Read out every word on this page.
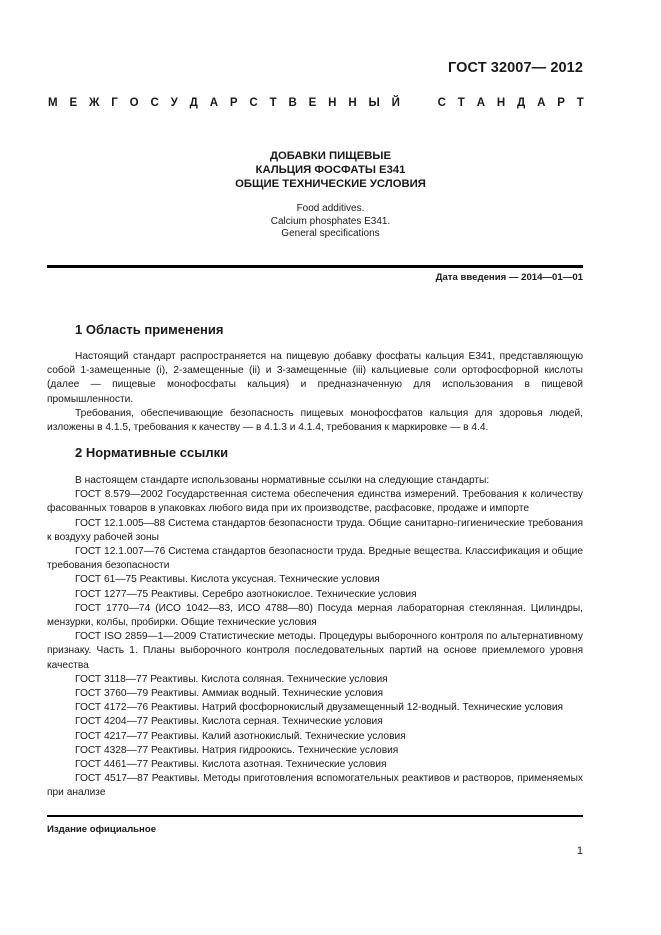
ГОСТ 32007— 2012
М Е Ж Г О С У Д А Р С Т В Е Н Н Ы Й	С Т А Н Д А Р Т
ДОБАВКИ ПИЩЕВЫЕ
КАЛЬЦИЯ ФОСФАТЫ Е341
ОБЩИЕ ТЕХНИЧЕСКИЕ УСЛОВИЯ
Food additives.
Calcium phosphates E341.
General specifications
Дата введения — 2014—01—01
1 Область применения

Настоящий стандарт распространяется на пищевую добавку фосфаты кальция Е341, представляющую собой 1-замещенные (i), 2-замещенные (ii) и 3-замещенные (iii) кальциевые соли ортофосфорной кислоты (далее — пищевые монофосфаты кальция) и предназначенную для использования в пищевой промышленности.

Требования, обеспечивающие безопасность пищевых монофосфатов кальция для здоровья людей, изложены в 4.1.5, требования к качеству — в 4.1.3 и 4.1.4, требования к маркировке — в 4.4.

2 Нормативные ссылки

В настоящем стандарте использованы нормативные ссылки на следующие стандарты:

ГОСТ 8.579—2002 Государственная система обеспечения единства измерений. Требования к количеству фасованных товаров в упаковках любого вида при их производстве, расфасовке, продаже и импорте

ГОСТ 12.1.005—88 Система стандартов безопасности труда. Общие санитарно-гигиенические требования к воздуху рабочей зоны

ГОСТ 12.1.007—76 Система стандартов безопасности труда. Вредные вещества. Классификация и общие требования безопасности

ГОСТ 61—75 Реактивы. Кислота уксусная. Технические условия

ГОСТ 1277—75 Реактивы. Серебро азотнокислое. Технические условия

ГОСТ 1770—74 (ИСО 1042—83, ИСО 4788—80) Посуда мерная лабораторная стеклянная. Цилиндры, мензурки, колбы, пробирки. Общие технические условия

ГОСТ ISO 2859—1—2009 Статистические методы. Процедуры выборочного контроля по альтернативному признаку. Часть 1. Планы выборочного контроля последовательных партий на основе приемлемого уровня качества

ГОСТ 3118—77 Реактивы. Кислота соляная. Технические условия

ГОСТ 3760—79 Реактивы. Аммиак водный. Технические условия

ГОСТ 4172—76 Реактивы. Натрий фосфорнокислый двузамещенный 12-водный. Технические условия

ГОСТ 4204—77 Реактивы. Кислота серная. Технические условия

ГОСТ 4217—77 Реактивы. Калий азотнокислый. Технические условия

ГОСТ 4328—77 Реактивы. Натрия гидроокись. Технические условия

ГОСТ 4461—77 Реактивы. Кислота азотная. Технические условия

ГОСТ 4517—87 Реактивы. Методы приготовления вспомогательных реактивов и растворов, применяемых при анализе

Издание официальное
1
